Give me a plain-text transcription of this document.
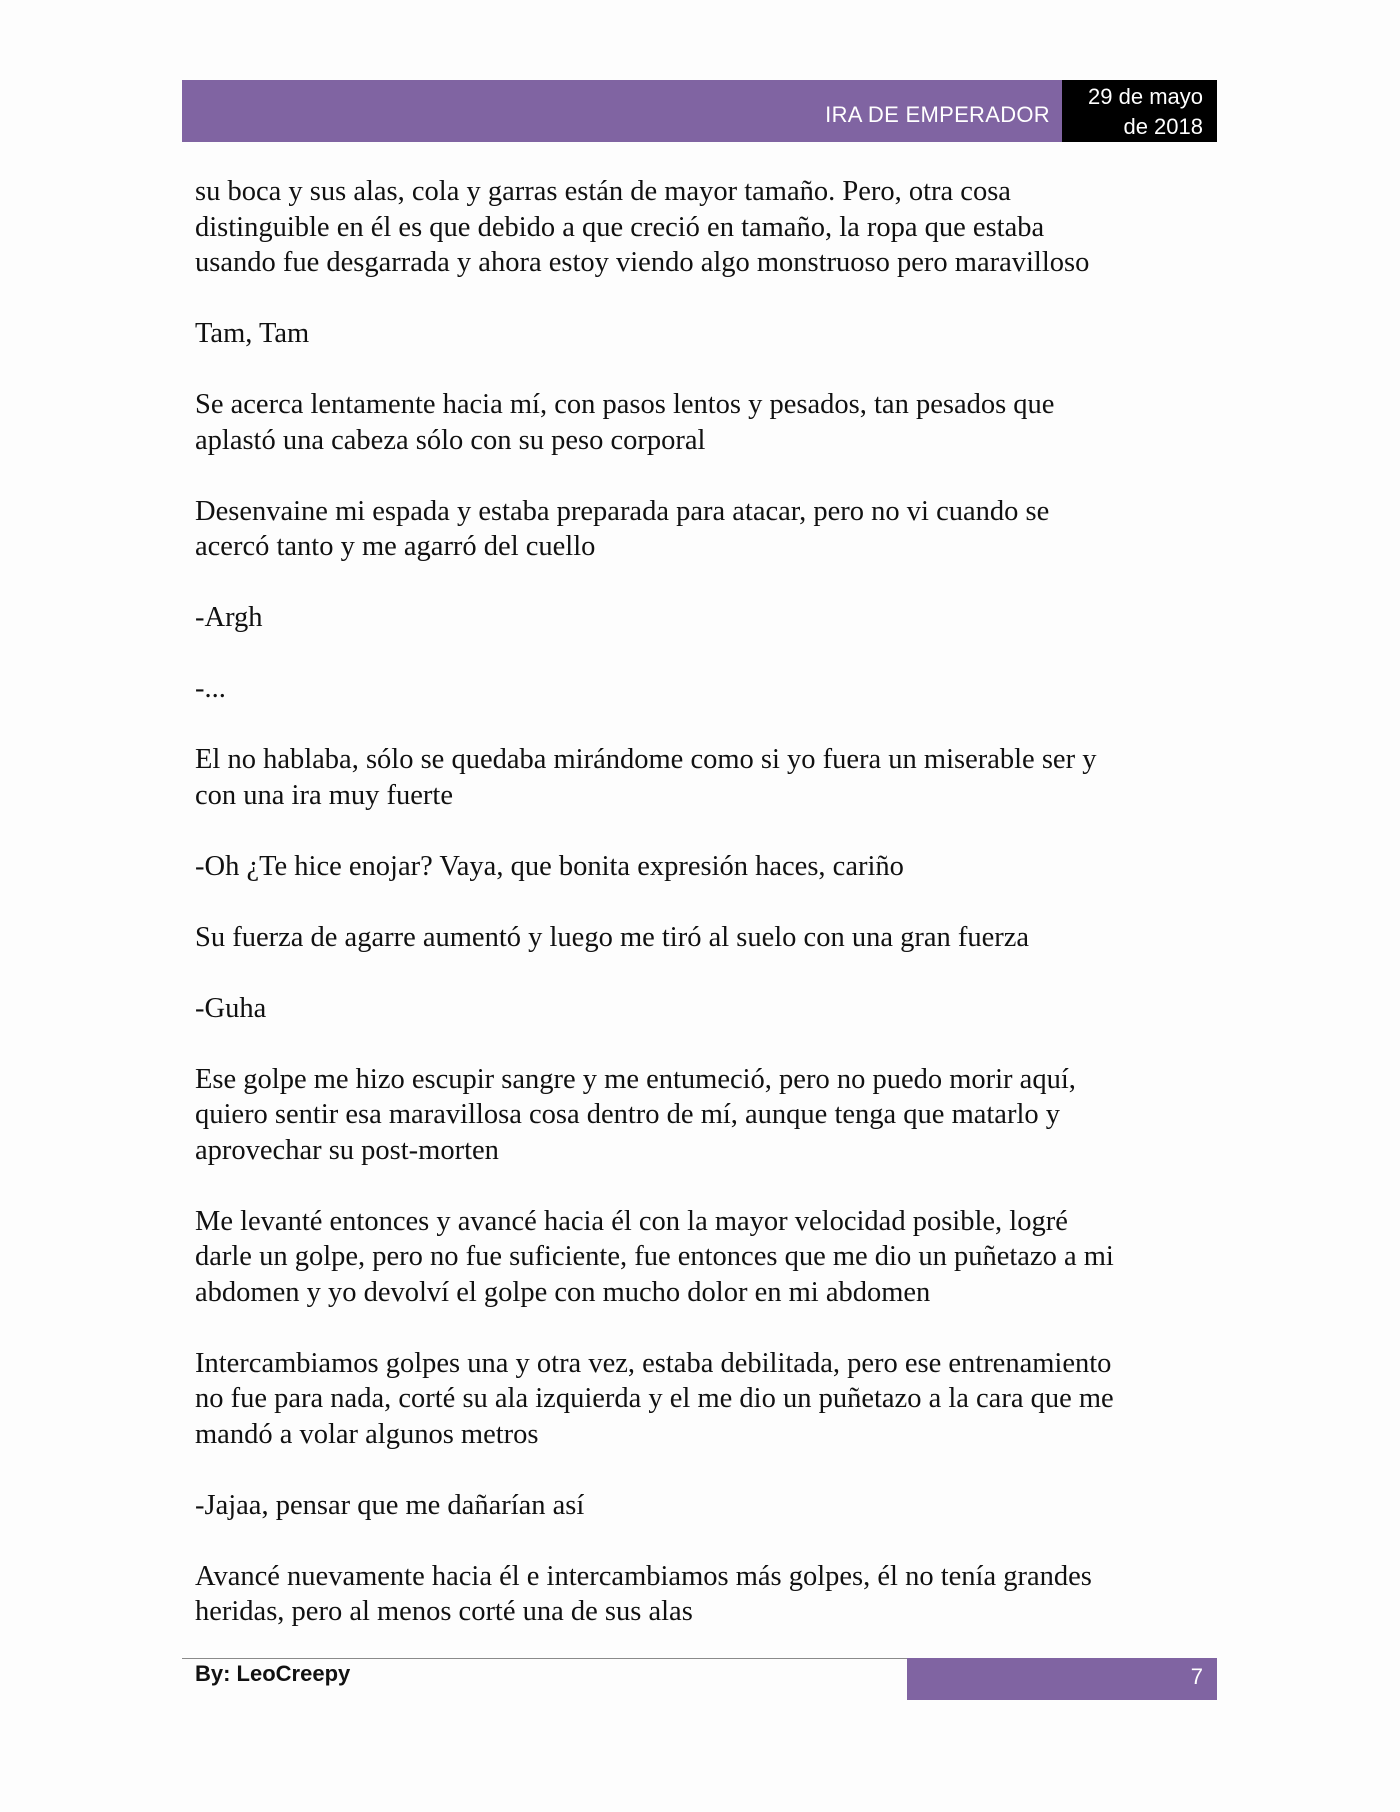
IRA DE EMPERADOR
29 de mayo
de 2018

su boca y sus alas, cola y garras están de mayor tamaño. Pero, otra cosa
distinguible en él es que debido a que creció en tamaño, la ropa que estaba
usando fue desgarrada y ahora estoy viendo algo monstruoso pero maravilloso

Tam, Tam

Se acerca lentamente hacia mí, con pasos lentos y pesados, tan pesados que
aplastó una cabeza sólo con su peso corporal

Desenvaine mi espada y estaba preparada para atacar, pero no vi cuando se
acercó tanto y me agarró del cuello

-Argh

-...

El no hablaba, sólo se quedaba mirándome como si yo fuera un miserable ser y
con una ira muy fuerte

-Oh ¿Te hice enojar? Vaya, que bonita expresión haces, cariño

Su fuerza de agarre aumentó y luego me tiró al suelo con una gran fuerza

-Guha

Ese golpe me hizo escupir sangre y me entumeció, pero no puedo morir aquí,
quiero sentir esa maravillosa cosa dentro de mí, aunque tenga que matarlo y
aprovechar su post-morten

Me levanté entonces y avancé hacia él con la mayor velocidad posible, logré
darle un golpe, pero no fue suficiente, fue entonces que me dio un puñetazo a mi
abdomen y yo devolví el golpe con mucho dolor en mi abdomen

Intercambiamos golpes una y otra vez, estaba debilitada, pero ese entrenamiento
no fue para nada, corté su ala izquierda y el me dio un puñetazo a la cara que me
mandó a volar algunos metros

-Jajaa, pensar que me dañarían así

Avancé nuevamente hacia él e intercambiamos más golpes, él no tenía grandes
heridas, pero al menos corté una de sus alas

By: LeoCreepy	7
